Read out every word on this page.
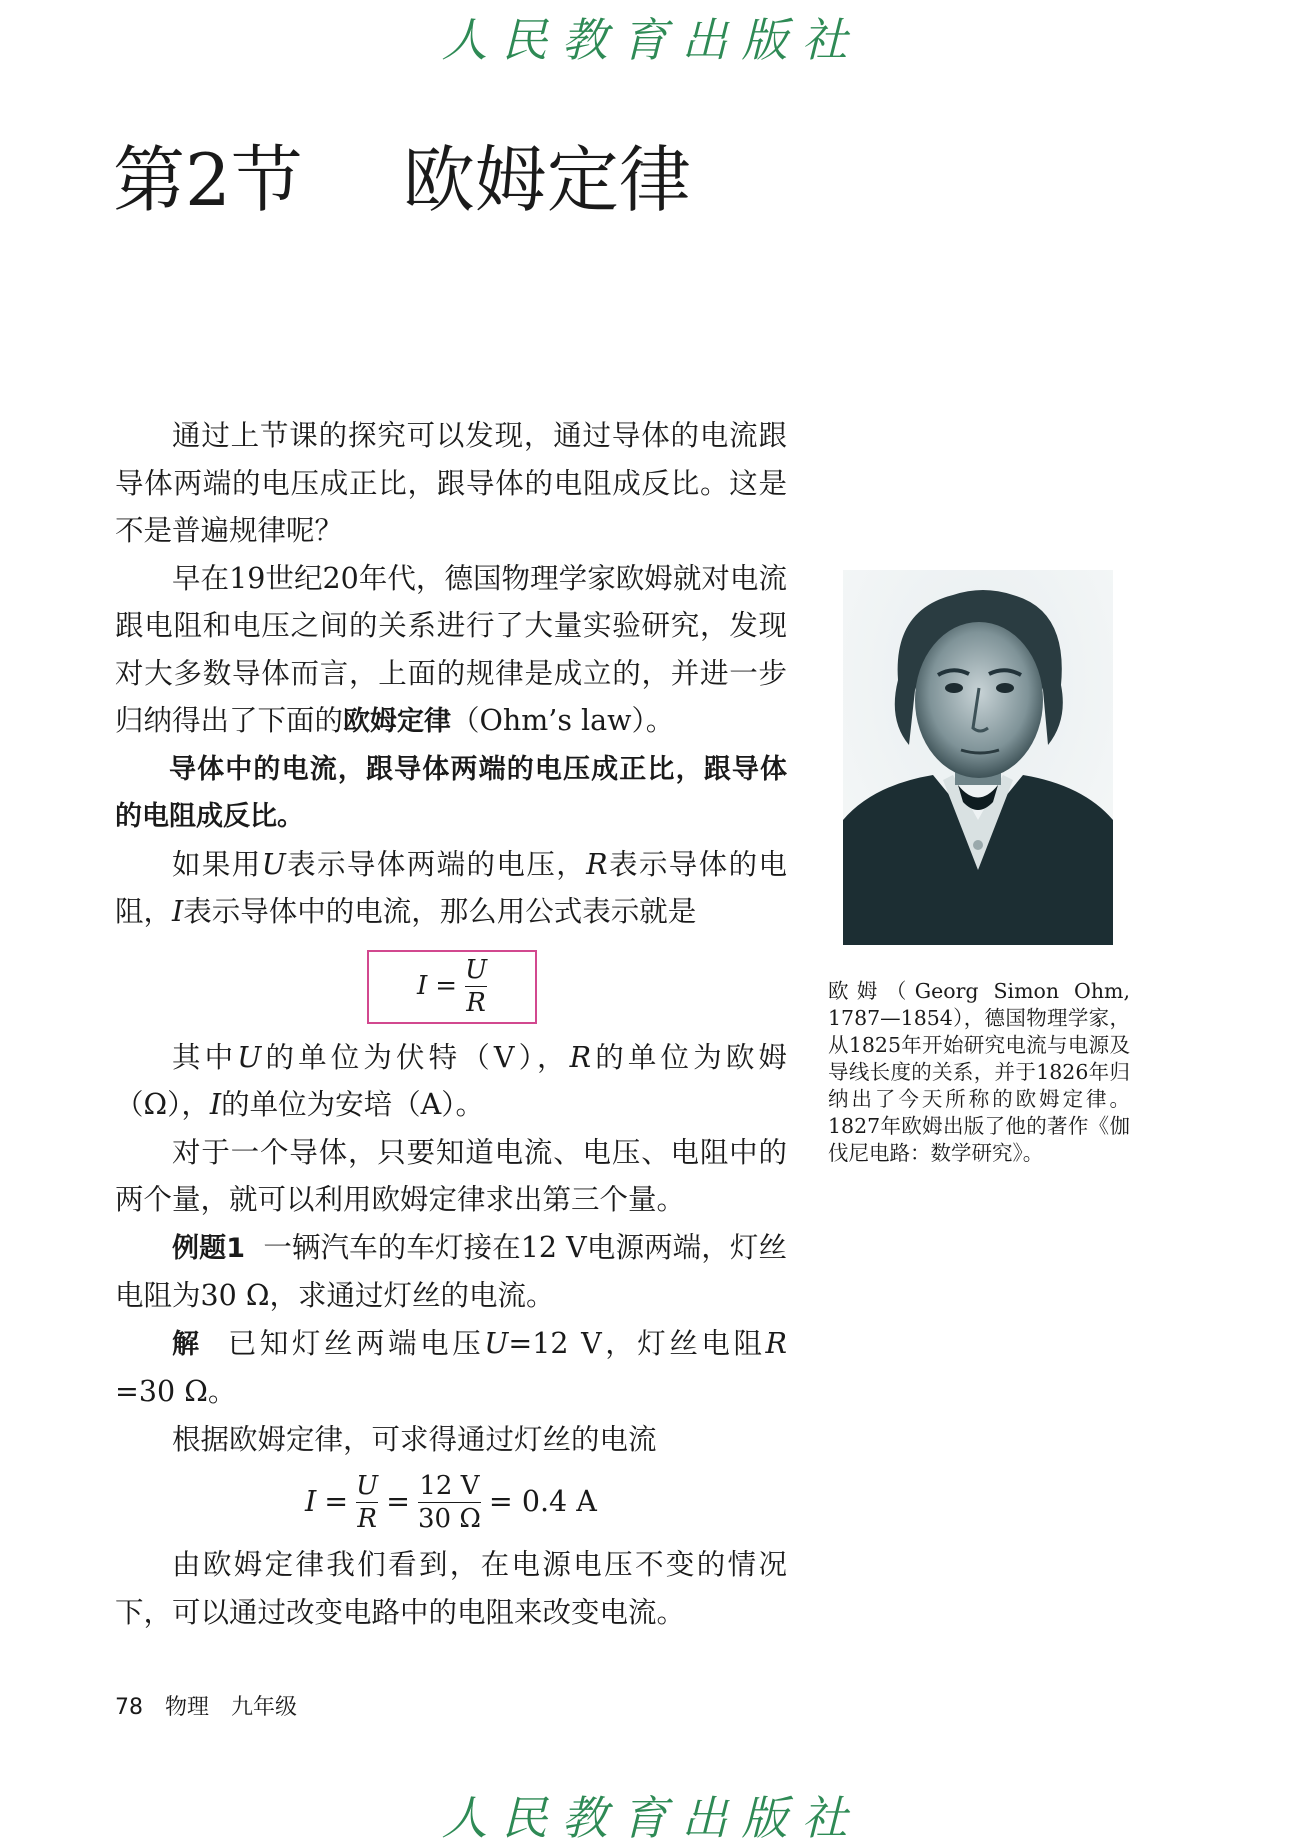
人民教育出版社
第2节 欧姆定律

通过上节课的探究可以发现，通过导体的电流跟导体两端的电压成正比，跟导体的电阻成反比。这是不是普遍规律呢？

早在19世纪20年代，德国物理学家欧姆就对电流跟电阻和电压之间的关系进行了大量实验研究，发现对大多数导体而言，上面的规律是成立的，并进一步归纳得出了下面的欧姆定律（Ohm’s law）。

导体中的电流，跟导体两端的电压成正比，跟导体的电阻成反比。

如果用U表示导体两端的电压，R表示导体的电阻，I表示导体中的电流，那么用公式表示就是

$I = \frac{U}{R}$

其中U的单位为伏特（V），R的单位为欧姆（Ω），I的单位为安培（A）。

对于一个导体，只要知道电流、电压、电阻中的两个量，就可以利用欧姆定律求出第三个量。

例题1 一辆汽车的车灯接在12 V电源两端，灯丝电阻为30 Ω，求通过灯丝的电流。

解 已知灯丝两端电压U=12 V，灯丝电阻R =30 Ω。

根据欧姆定律，可求得通过灯丝的电流

$I = \frac{U}{R} = \frac{12 V}{30 \Omega} = 0.4$ A

由欧姆定律我们看到，在电源电压不变的情况下，可以通过改变电路中的电阻来改变电流。

欧姆（Georg Simon Ohm, 1787—1854），德国物理学家，从1825年开始研究电流与电源及导线长度的关系，并于1826年归纳出了今天所称的欧姆定律。1827年欧姆出版了他的著作《伽伐尼电路：数学研究》。
78 物理 九年级
人民教育出版社
